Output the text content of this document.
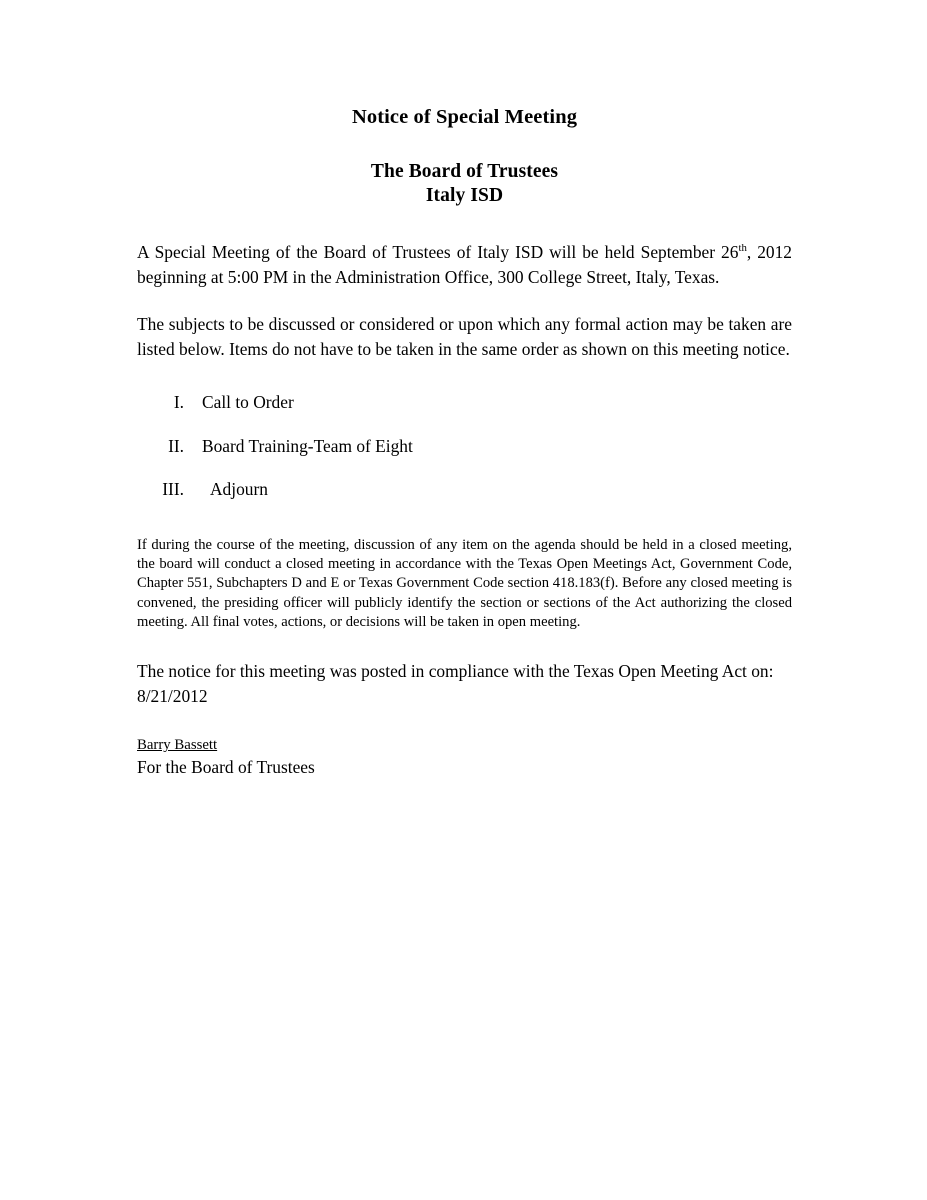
Notice of Special Meeting
The Board of Trustees
Italy ISD

A Special Meeting of the Board of Trustees of Italy ISD will be held September 26th, 2012 beginning at 5:00 PM in the Administration Office, 300 College Street, Italy, Texas.

The subjects to be discussed or considered or upon which any formal action may be taken are listed below. Items do not have to be taken in the same order as shown on this meeting notice.

I. Call to Order
II. Board Training-Team of Eight
III.	Adjourn

If during the course of the meeting, discussion of any item on the agenda should be held in a closed meeting, the board will conduct a closed meeting in accordance with the Texas Open Meetings Act, Government Code, Chapter 551, Subchapters D and E or Texas Government Code section 418.183(f). Before any closed meeting is convened, the presiding officer will publicly identify the section or sections of the Act authorizing the closed meeting. All final votes, actions, or decisions will be taken in open meeting.

The notice for this meeting was posted in compliance with the Texas Open Meeting Act on: 8/21/2012

Barry Bassett
For the Board of Trustees
